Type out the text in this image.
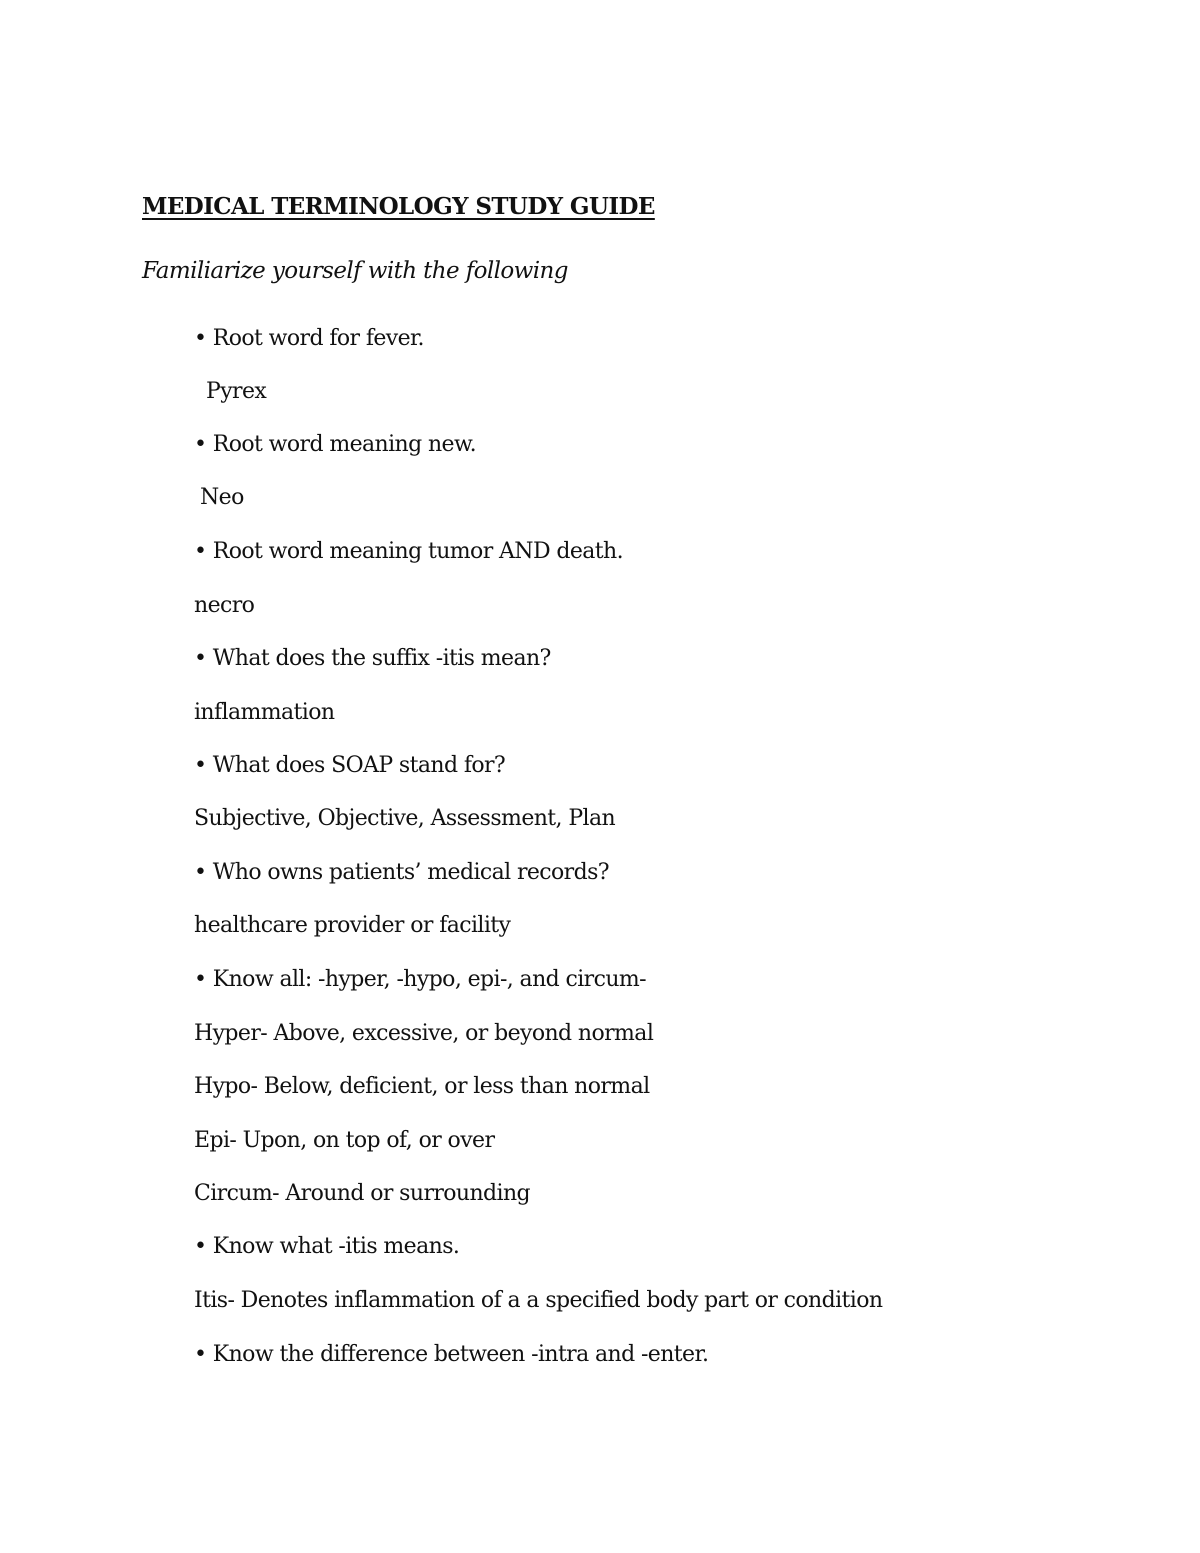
MEDICAL TERMINOLOGY STUDY GUIDE
Familiarize yourself with the following
• Root word for fever.
Pyrex
• Root word meaning new.
Neo
• Root word meaning tumor AND death.
necro
• What does the suffix -itis mean?
inflammation
• What does SOAP stand for?
Subjective, Objective, Assessment, Plan
• Who owns patients’ medical records?
healthcare provider or facility
• Know all: -hyper, -hypo, epi-, and circum-
Hyper- Above, excessive, or beyond normal
Hypo- Below, deficient, or less than normal
Epi- Upon, on top of, or over
Circum- Around or surrounding
• Know what -itis means.
Itis- Denotes inflammation of a a specified body part or condition
• Know the difference between -intra and -enter.
